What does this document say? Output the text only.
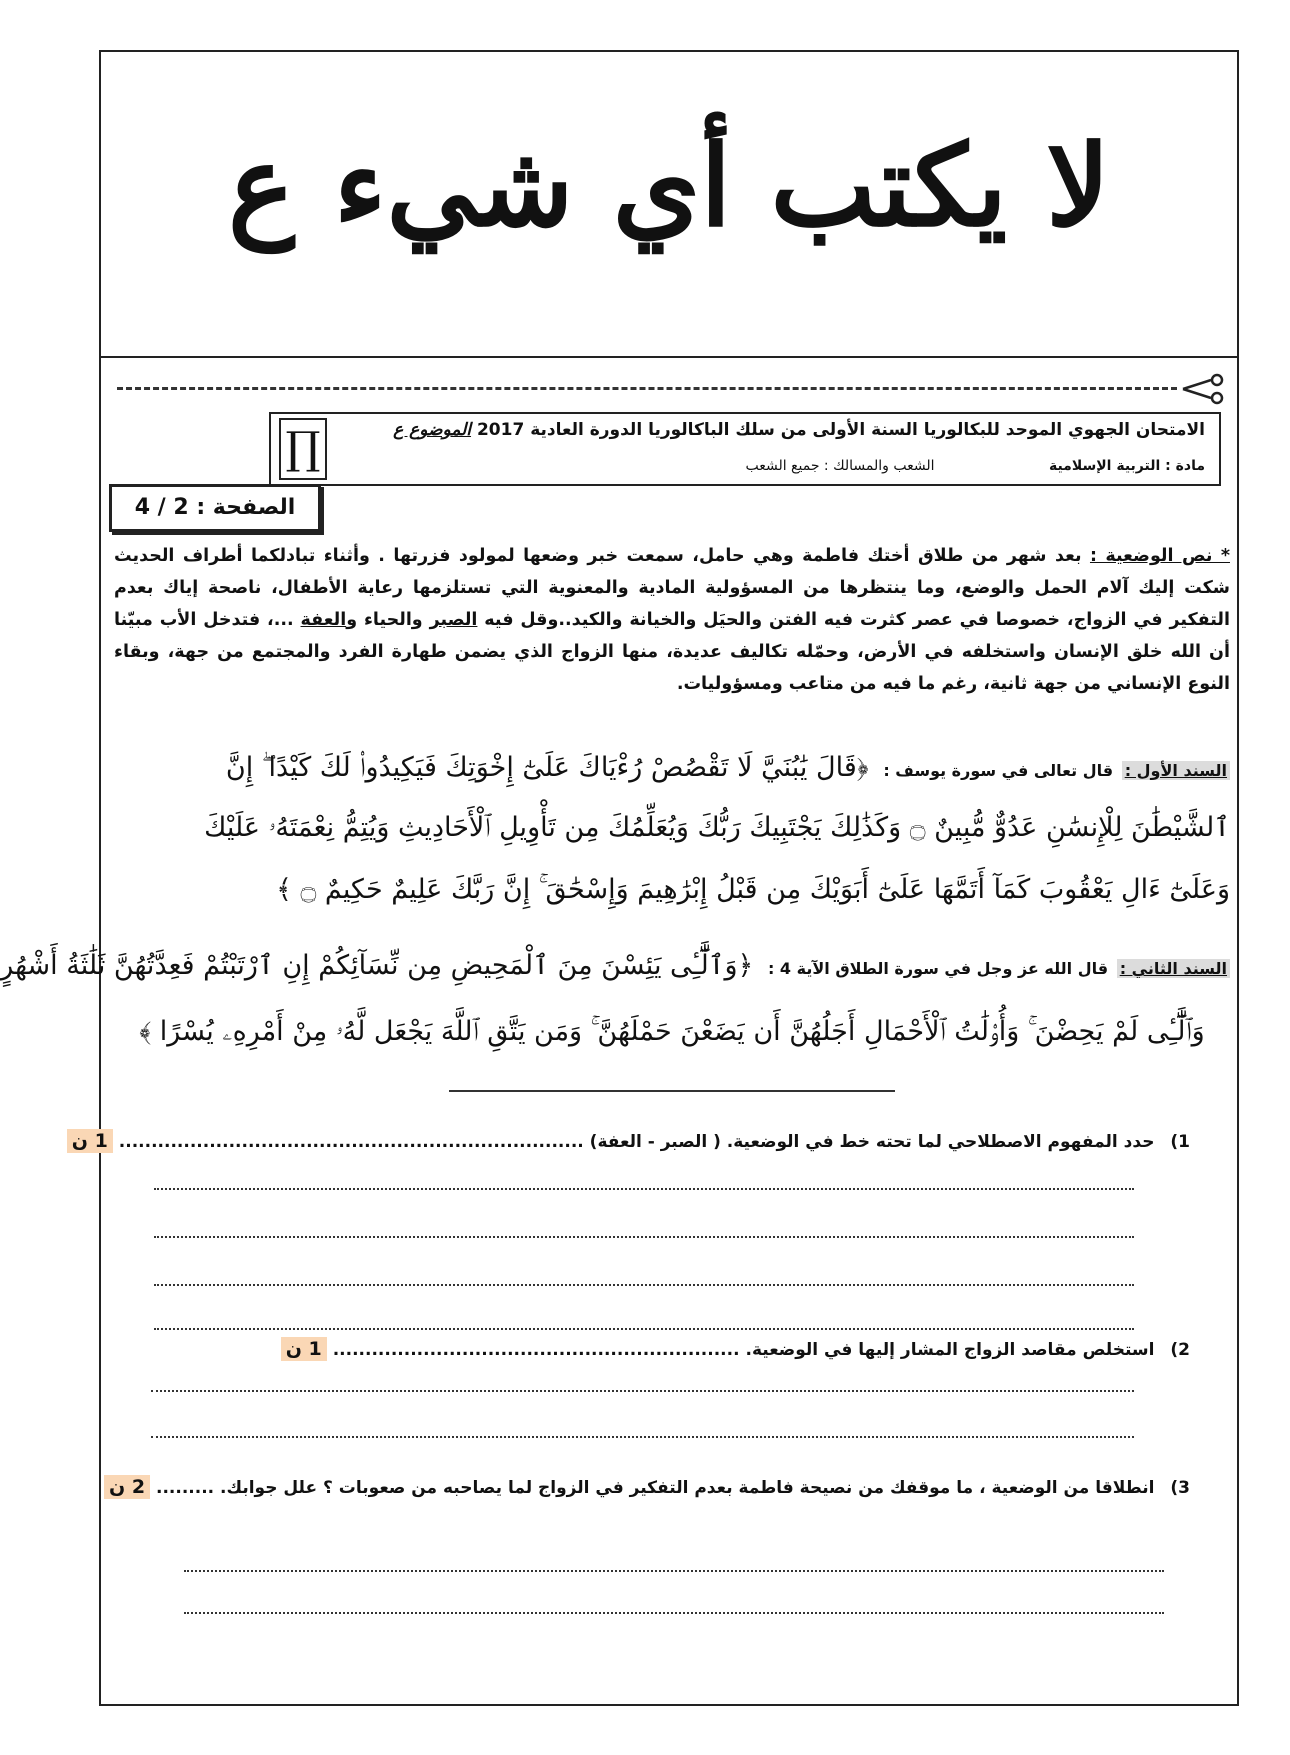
لا يكتب أي شيء ع
الامتحان الجهوي الموحد للبكالوريا السنة الأولى من سلك الباكالوريا الدورة العادية 2017 الموضوع ع
مادة : التربية الإسلامية الشعب والمسالك : جميع الشعب
∏
الصفحة : 2 / 4
* نص الوضعية : بعد شهر من طلاق أختك فاطمة وهي حامل، سمعت خبر وضعها لمولود فزرتها . وأثناء تبادلكما أطراف الحديث شكت إليك آلام الحمل والوضع، وما ينتظرها من المسؤولية المادية والمعنوية التي تستلزمها رعاية الأطفال، ناصحة إياك بعدم التفكير في الزواج، خصوصا في عصر كثرت فيه الفتن والحيَل والخيانة والكيد..وقل فيه الصبر والحياء والعفة ...، فتدخل الأب مبيّنا أن الله خلق الإنسان واستخلفه في الأرض، وحمّله تكاليف عديدة، منها الزواج الذي يضمن طهارة الفرد والمجتمع من جهة، وبقاء النوع الإنساني من جهة ثانية، رغم ما فيه من متاعب ومسؤوليات.
السند الأول : قال تعالى في سورة يوسف : ﴿قَالَ يَٰبُنَيَّ لَا تَقْصُصْ رُءْيَاكَ عَلَىٰٓ إِخْوَتِكَ فَيَكِيدُوا۟ لَكَ كَيْدًا ۖ إِنَّ
ٱلشَّيْطَٰنَ لِلْإِنسَٰنِ عَدُوٌّ مُّبِينٌ ۝ وَكَذَٰلِكَ يَجْتَبِيكَ رَبُّكَ وَيُعَلِّمُكَ مِن تَأْوِيلِ ٱلْأَحَادِيثِ وَيُتِمُّ نِعْمَتَهُۥ عَلَيْكَ
وَعَلَىٰٓ ءَالِ يَعْقُوبَ كَمَآ أَتَمَّهَا عَلَىٰٓ أَبَوَيْكَ مِن قَبْلُ إِبْرَٰهِيمَ وَإِسْحَٰقَ ۚ إِنَّ رَبَّكَ عَلِيمٌ حَكِيمٌ ۝ ﴾
السند الثاني : قال الله عز وجل في سورة الطلاق الآية 4 : ﴿وَٱلَّٰٓـِٔى يَئِسْنَ مِنَ ٱلْمَحِيضِ مِن نِّسَآئِكُمْ إِنِ ٱرْتَبْتُمْ فَعِدَّتُهُنَّ ثَلَٰثَةُ أَشْهُرٍ
وَٱلَّٰٓـِٔى لَمْ يَحِضْنَ ۚ وَأُو۟لَٰتُ ٱلْأَحْمَالِ أَجَلُهُنَّ أَن يَضَعْنَ حَمْلَهُنَّ ۚ وَمَن يَتَّقِ ٱللَّهَ يَجْعَل لَّهُۥ مِنْ أَمْرِهِۦ يُسْرًا ﴾
1) حدد المفهوم الاصطلاحي لما تحته خط في الوضعية. ( الصبر - العفة) ........................................................................ 1 ن
2) استخلص مقاصد الزواج المشار إليها في الوضعية. ............................................................... 1 ن
3) انطلاقا من الوضعية ، ما موقفك من نصيحة فاطمة بعدم التفكير في الزواج لما يصاحبه من صعوبات ؟ علل جوابك. ......... 2 ن
